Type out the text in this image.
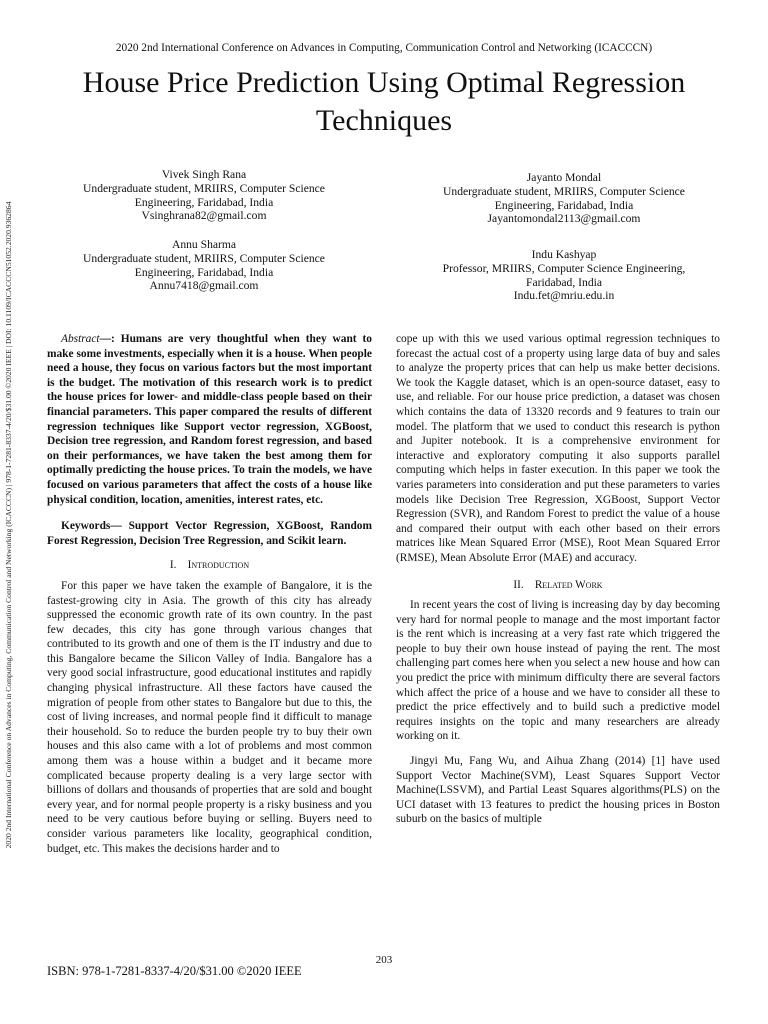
2020 2nd International Conference on Advances in Computing, Communication Control and Networking (ICACCCN)
House Price Prediction Using Optimal Regression
Techniques
2020 2nd International Conference on Advances in Computing, Communication Control and Networking (ICACCCN) | 978-1-7281-8337-4/20/$31.00 ©2020 IEEE | DOI: 10.1109/ICACCCN51052.2020.9362864
Vivek Singh Rana
Undergraduate student, MRIIRS, Computer Science
Engineering, Faridabad, India
Vsinghrana82@gmail.com
Annu Sharma
Undergraduate student, MRIIRS, Computer Science
Engineering, Faridabad, India
Annu7418@gmail.com
Jayanto Mondal
Undergraduate student, MRIIRS, Computer Science
Engineering, Faridabad, India
Jayantomondal2113@gmail.com
Indu Kashyap
Professor, MRIIRS, Computer Science Engineering,
Faridabad, India
Indu.fet@mriu.edu.in

Abstract—: Humans are very thoughtful when they want to make some investments, especially when it is a house. When people need a house, they focus on various factors but the most important is the budget. The motivation of this research work is to predict the house prices for lower- and middle-class people based on their financial parameters. This paper compared the results of different regression techniques like Support vector regression, XGBoost, Decision tree regression, and Random forest regression, and based on their performances, we have taken the best among them for optimally predicting the house prices. To train the models, we have focused on various parameters that affect the costs of a house like physical condition, location, amenities, interest rates, etc.

Keywords— Support Vector Regression, XGBoost, Random Forest Regression, Decision Tree Regression, and Scikit learn.

I. Introduction

For this paper we have taken the example of Bangalore, it is the fastest-growing city in Asia. The growth of this city has already suppressed the economic growth rate of its own country. In the past few decades, this city has gone through various changes that contributed to its growth and one of them is the IT industry and due to this Bangalore became the Silicon Valley of India. Bangalore has a very good social infrastructure, good educational institutes and rapidly changing physical infrastructure. All these factors have caused the migration of people from other states to Bangalore but due to this, the cost of living increases, and normal people find it difficult to manage their household. So to reduce the burden people try to buy their own houses and this also came with a lot of problems and most common among them was a house within a budget and it became more complicated because property dealing is a very large sector with billions of dollars and thousands of properties that are sold and bought every year, and for normal people property is a risky business and you need to be very cautious before buying or selling. Buyers need to consider various parameters like locality, geographical condition, budget, etc. This makes the decisions harder and to

cope up with this we used various optimal regression techniques to forecast the actual cost of a property using large data of buy and sales to analyze the property prices that can help us make better decisions. We took the Kaggle dataset, which is an open-source dataset, easy to use, and reliable. For our house price prediction, a dataset was chosen which contains the data of 13320 records and 9 features to train our model. The platform that we used to conduct this research is python and Jupiter notebook. It is a comprehensive environment for interactive and exploratory computing it also supports parallel computing which helps in faster execution. In this paper we took the varies parameters into consideration and put these parameters to varies models like Decision Tree Regression, XGBoost, Support Vector Regression (SVR), and Random Forest to predict the value of a house and compared their output with each other based on their errors matrices like Mean Squared Error (MSE), Root Mean Squared Error (RMSE), Mean Absolute Error (MAE) and accuracy.

II. Related Work

In recent years the cost of living is increasing day by day becoming very hard for normal people to manage and the most important factor is the rent which is increasing at a very fast rate which triggered the people to buy their own house instead of paying the rent. The most challenging part comes here when you select a new house and how can you predict the price with minimum difficulty there are several factors which affect the price of a house and we have to consider all these to predict the price effectively and to build such a predictive model requires insights on the topic and many researchers are already working on it.

Jingyi Mu, Fang Wu, and Aihua Zhang (2014) [1] have used Support Vector Machine(SVM), Least Squares Support Vector Machine(LSSVM), and Partial Least Squares algorithms(PLS) on the UCI dataset with 13 features to predict the housing prices in Boston suburb on the basics of multiple

203
ISBN: 978-1-7281-8337-4/20/$31.00 ©2020 IEEE
